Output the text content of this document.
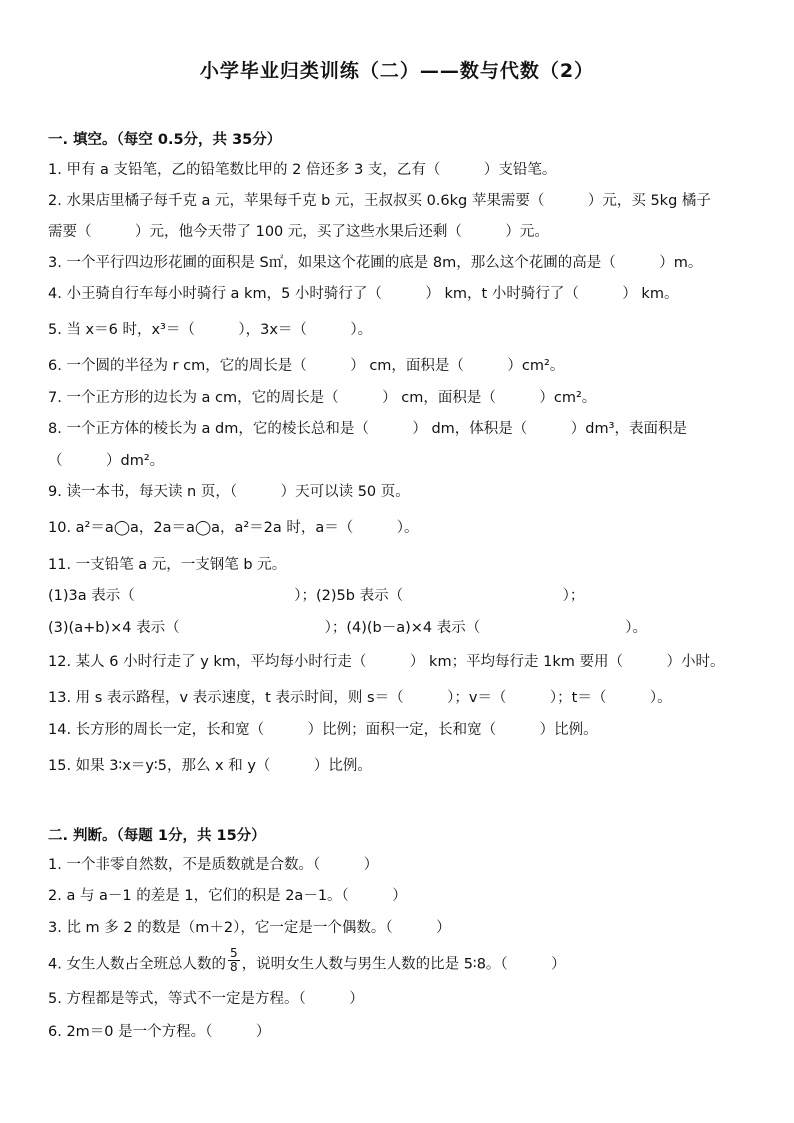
小学毕业归类训练（二）——数与代数（2）
一. 填空。（每空 0.5分，共 35分）
1. 甲有 a 支铅笔，乙的铅笔数比甲的 2 倍还多 3 支，乙有（　　　）支铅笔。
2. 水果店里橘子每千克 a 元，苹果每千克 b 元，王叔叔买 0.6kg 苹果需要（　　　）元，买 5kg 橘子
需要（　　　）元，他今天带了 100 元，买了这些水果后还剩（　　　）元。
3. 一个平行四边形花圃的面积是 S㎡，如果这个花圃的底是 8m，那么这个花圃的高是（　　　）m。
4. 小王骑自行车每小时骑行 a km，5 小时骑行了（　　　） km，t 小时骑行了（　　　） km。
5. 当 x＝6 时，x³＝（　　　），3x＝（　　　）。
6. 一个圆的半径为 r cm，它的周长是（　　　） cm，面积是（　　　）cm²。
7. 一个正方形的边长为 a cm，它的周长是（　　　） cm，面积是（　　　）cm²。
8. 一个正方体的棱长为 a dm，它的棱长总和是（　　　） dm，体积是（　　　）dm³，表面积是
（　　　）dm²。
9. 读一本书，每天读 n 页，（　　　）天可以读 50 页。
10. a²＝a◯a，2a＝a◯a，a²＝2a 时，a＝（　　　）。
11. 一支铅笔 a 元，一支钢笔 b 元。
(1)3a 表示（　　　　　　　　　　　）；(2)5b 表示（　　　　　　　　　　　）；
(3)(a+b)×4 表示（　　　　　　　　　　）；(4)(b－a)×4 表示（　　　　　　　　　　）。
12. 某人 6 小时行走了 y km，平均每小时行走（　　　） km；平均每行走 1km 要用（　　　）小时。
13. 用 s 表示路程，v 表示速度，t 表示时间，则 s＝（　　　）；v＝（　　　）；t＝（　　　）。
14. 长方形的周长一定，长和宽（　　　）比例；面积一定，长和宽（　　　）比例。
15. 如果 3∶x＝y∶5，那么 x 和 y（　　　）比例。
二. 判断。（每题 1分，共 15分）
1. 一个非零自然数，不是质数就是合数。（　　　）
2. a 与 a－1 的差是 1，它们的积是 2a－1。（　　　）
3. 比 m 多 2 的数是（m＋2），它一定是一个偶数。（　　　）
4. 女生人数占全班总人数的 $\frac{5}{8}$ ，说明女生人数与男生人数的比是 5∶8。（　　　）
5. 方程都是等式，等式不一定是方程。（　　　）
6. 2m＝0 是一个方程。（　　　）
